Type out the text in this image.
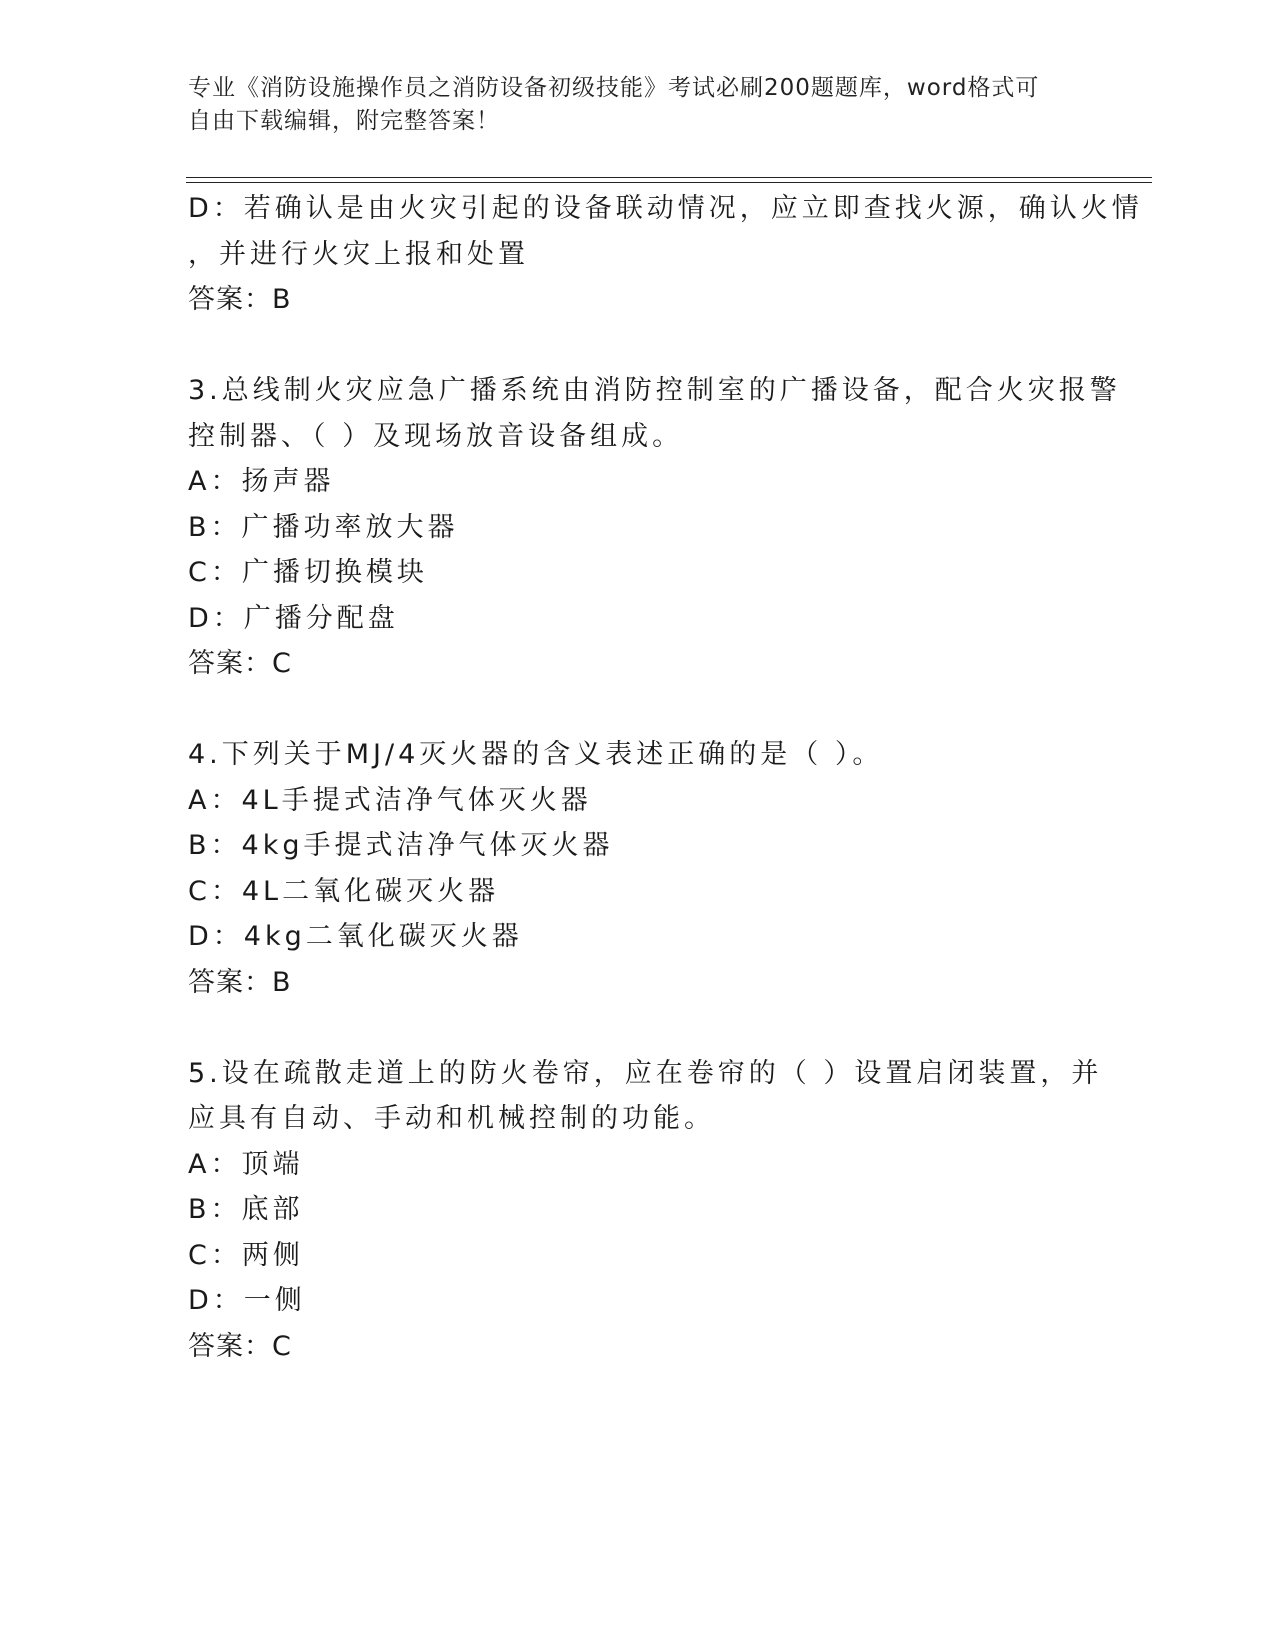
专业《消防设施操作员之消防设备初级技能》考试必刷200题题库，word格式可
自由下载编辑，附完整答案！
D：若确认是由火灾引起的设备联动情况，应立即查找火源，确认火情
，并进行火灾上报和处置
答案：B
3.总线制火灾应急广播系统由消防控制室的广播设备，配合火灾报警
控制器、（ ）及现场放音设备组成。
A：扬声器
B：广播功率放大器
C：广播切换模块
D：广播分配盘
答案：C
4.下列关于MJ/4灭火器的含义表述正确的是（ ）。
A：4L手提式洁净气体灭火器
B：4kg手提式洁净气体灭火器
C：4L二氧化碳灭火器
D：4kg二氧化碳灭火器
答案：B
5.设在疏散走道上的防火卷帘，应在卷帘的（ ）设置启闭装置，并
应具有自动、手动和机械控制的功能。
A：顶端
B：底部
C：两侧
D：一侧
答案：C
